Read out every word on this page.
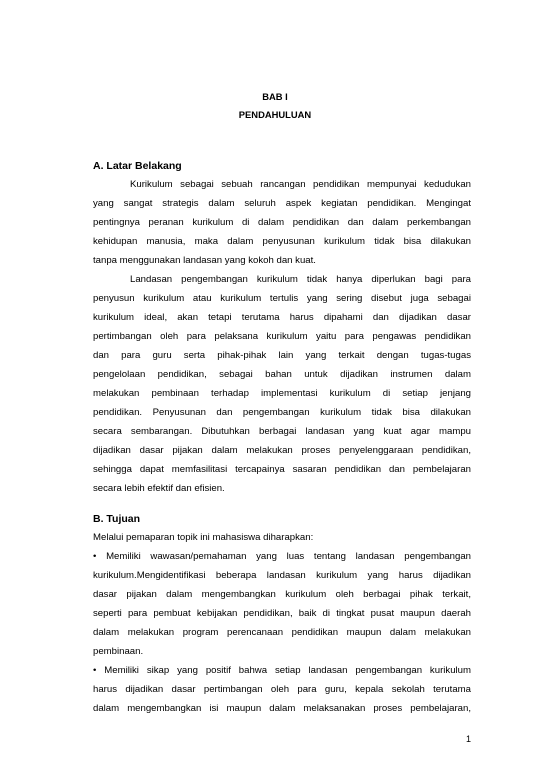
BAB I
PENDAHULUAN
A. Latar Belakang
Kurikulum sebagai sebuah rancangan pendidikan mempunyai kedudukan
yang sangat strategis dalam seluruh aspek kegiatan pendidikan. Mengingat
pentingnya peranan kurikulum di dalam pendidikan dan dalam perkembangan
kehidupan manusia, maka dalam penyusunan kurikulum tidak bisa dilakukan
tanpa menggunakan landasan yang kokoh dan kuat.
Landasan pengembangan kurikulum tidak hanya diperlukan bagi para
penyusun kurikulum atau kurikulum tertulis yang sering disebut juga sebagai
kurikulum ideal, akan tetapi terutama harus dipahami dan dijadikan dasar
pertimbangan oleh para pelaksana kurikulum yaitu para pengawas pendidikan
dan para guru serta pihak-pihak lain yang terkait dengan tugas-tugas
pengelolaan pendidikan, sebagai bahan untuk dijadikan instrumen dalam
melakukan pembinaan terhadap implementasi kurikulum di setiap jenjang
pendidikan. Penyusunan dan pengembangan kurikulum tidak bisa dilakukan
secara sembarangan. Dibutuhkan berbagai landasan yang kuat agar mampu
dijadikan dasar pijakan dalam melakukan proses penyelenggaraan pendidikan,
sehingga dapat memfasilitasi tercapainya sasaran pendidikan dan pembelajaran
secara lebih efektif dan efisien.
B. Tujuan
Melalui pemaparan topik ini mahasiswa diharapkan:
• Memiliki wawasan/pemahaman yang luas tentang landasan pengembangan
kurikulum.Mengidentifikasi beberapa landasan kurikulum yang harus dijadikan
dasar pijakan dalam mengembangkan kurikulum oleh berbagai pihak terkait,
seperti para pembuat kebijakan pendidikan, baik di tingkat pusat maupun daerah
dalam melakukan program perencanaan pendidikan maupun dalam melakukan
pembinaan.
• Memiliki sikap yang positif bahwa setiap landasan pengembangan kurikulum
harus dijadikan dasar pertimbangan oleh para guru, kepala sekolah terutama
dalam mengembangkan isi maupun dalam melaksanakan proses pembelajaran,
1
